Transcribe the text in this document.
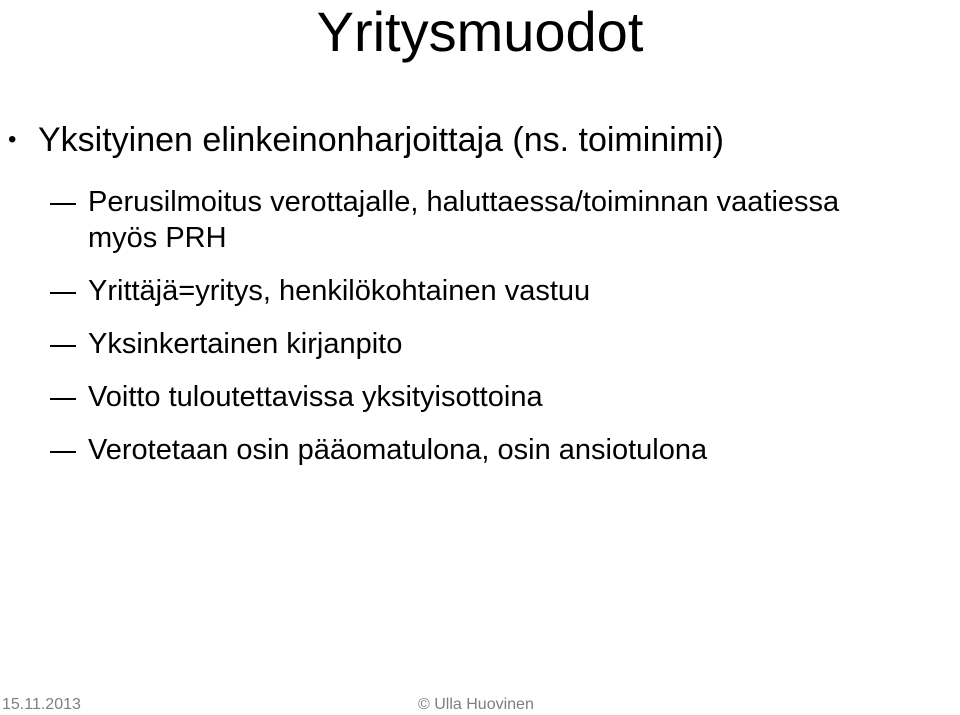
Yritysmuodot
• Yksityinen elinkeinonharjoittaja (ns. toiminimi)
Perusilmoitus verottajalle, haluttaessa/toiminnan vaatiessa
myös PRH
Yrittäjä=yritys, henkilökohtainen vastuu
Yksinkertainen kirjanpito
Voitto tuloutettavissa yksityisottoina
Verotetaan osin pääomatulona, osin ansiotulona
15.11.2013	© Ulla Huovinen
